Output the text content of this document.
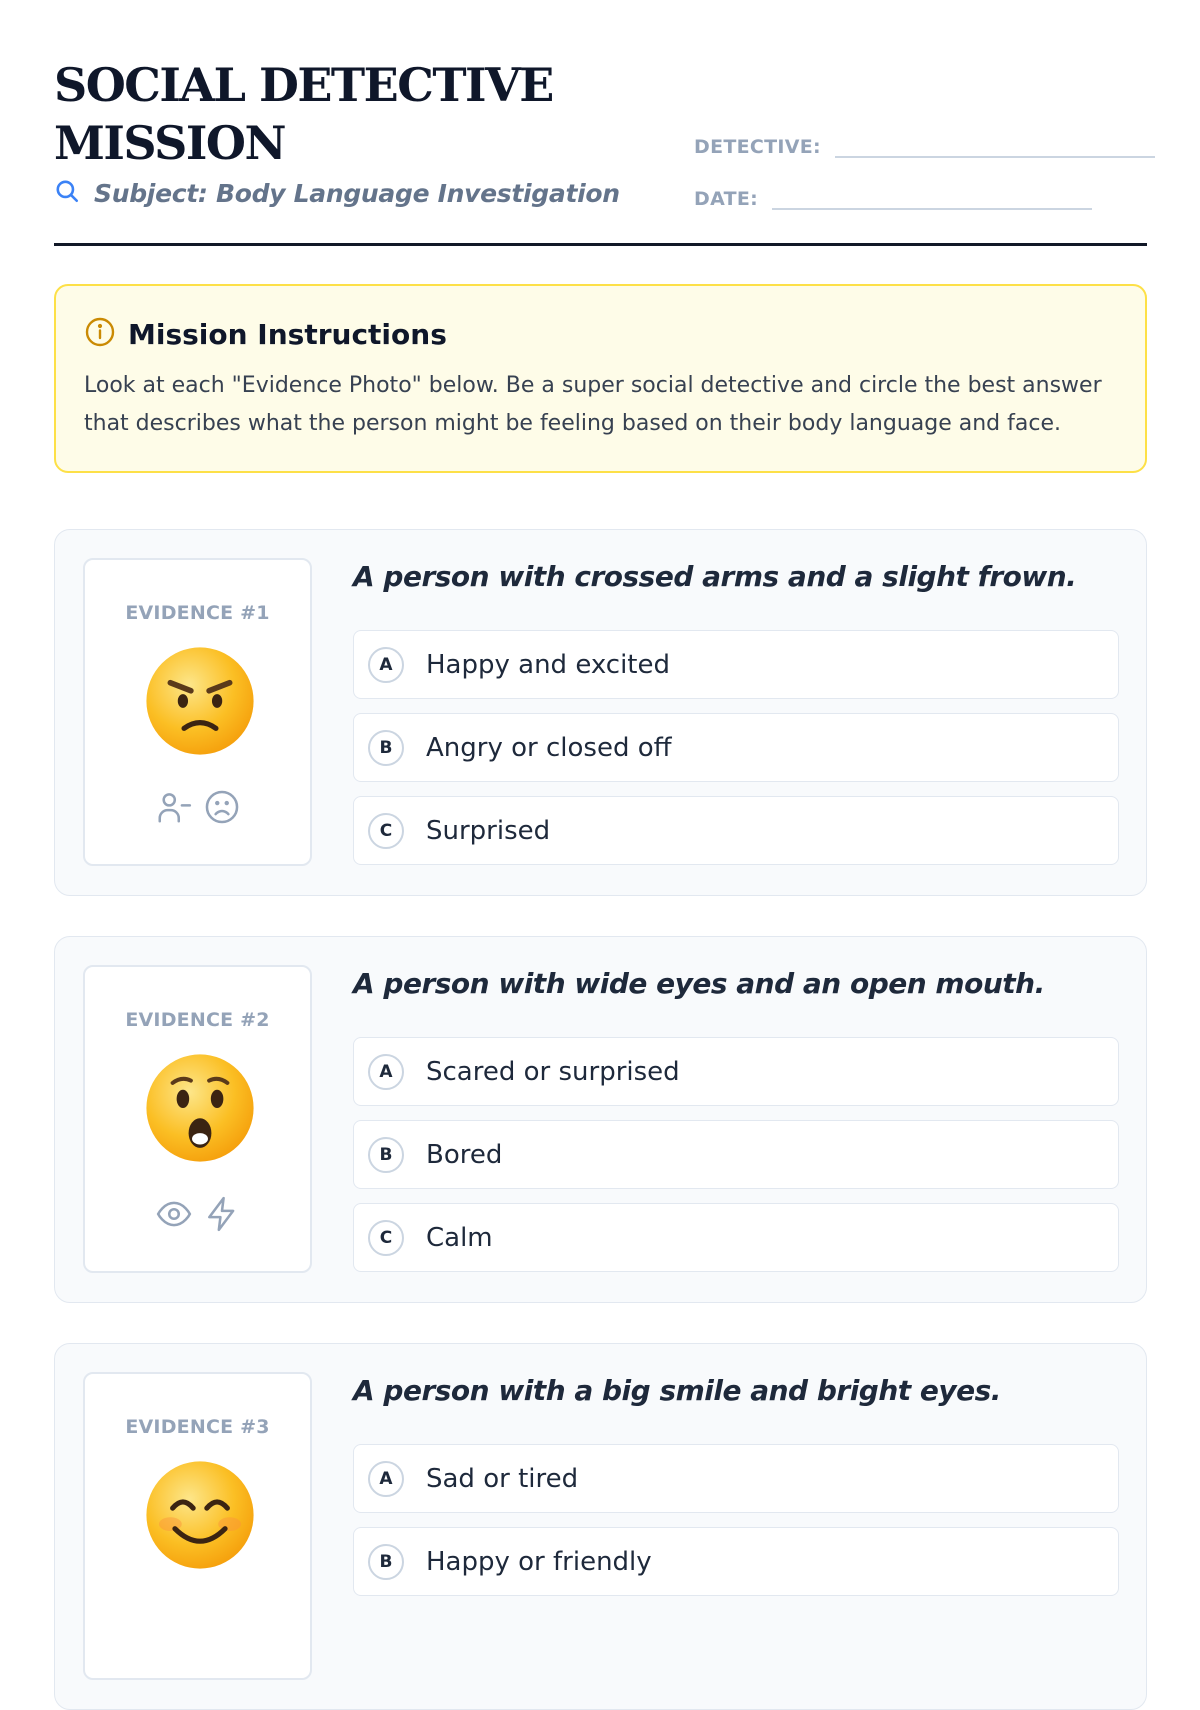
SOCIAL DETECTIVE MISSION
Subject: Body Language Investigation
DETECTIVE:
DATE:
Mission Instructions
Look at each "Evidence Photo" below. Be a super social detective and circle the best answer that describes what the person might be feeling based on their body language and face.
EVIDENCE #1
A person with crossed arms and a slight frown.
A	Happy and excited
B	Angry or closed off
C	Surprised
EVIDENCE #2
A person with wide eyes and an open mouth.
A	Scared or surprised
B	Bored
C	Calm
EVIDENCE #3
A person with a big smile and bright eyes.
A	Sad or tired
B	Happy or friendly
